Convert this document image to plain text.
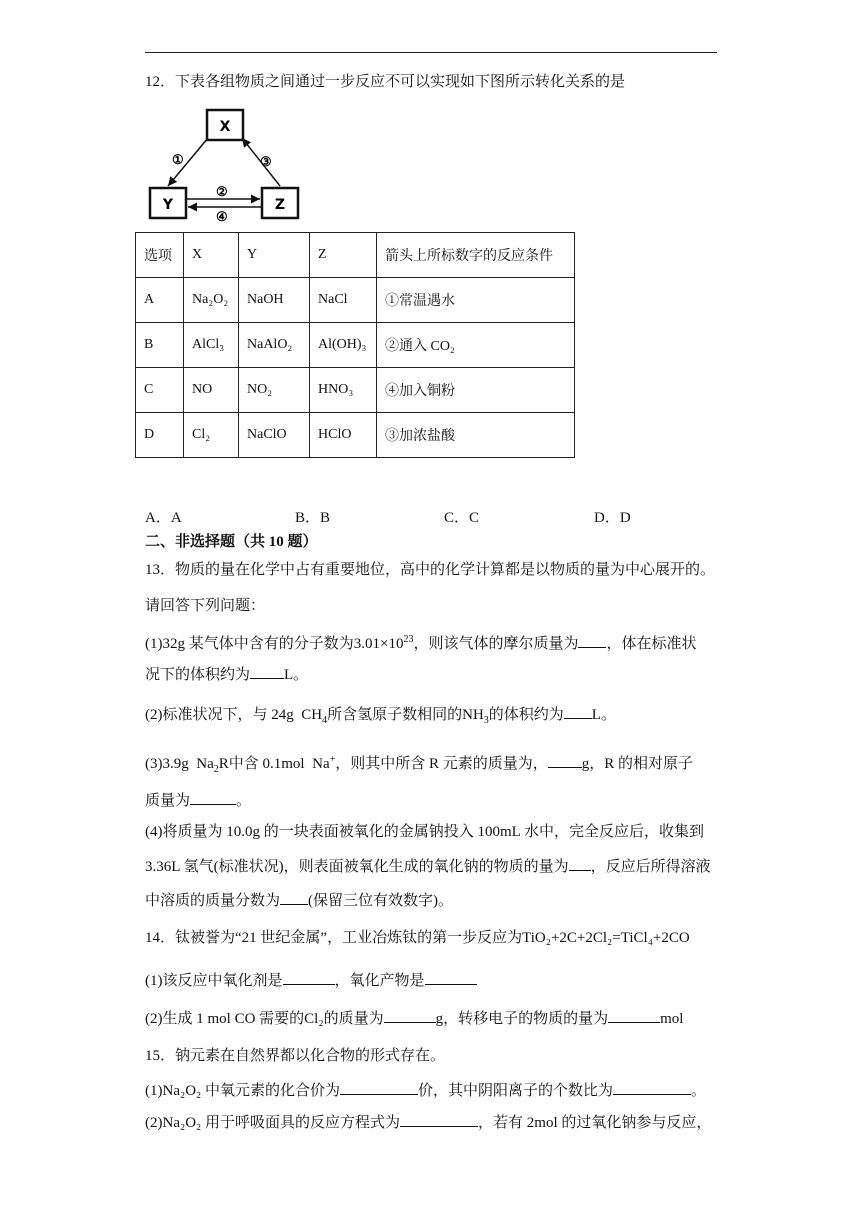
12．下表各组物质之间通过一步反应不可以实现如下图所示转化关系的是
X
Y	Z
①	③
②
④
选项	X	Y	Z	箭头上所标数字的反应条件
A	Na₂O₂	NaOH	NaCl	①常温遇水
B	AlCl₃	NaAlO₂	Al(OH)₃	②通入 CO₂
C	NO	NO₂	HNO₃	④加入铜粉
D	Cl₂	NaClO	HClO	③加浓盐酸
A．A	B．B	C．C	D．D
二、非选择题（共 10 题）
13．物质的量在化学中占有重要地位，高中的化学计算都是以物质的量为中心展开的。
请回答下列问题：
(1)32g 某气体中含有的分子数为$3.01\times 10^{23}$，则该气体的摩尔质量为 ，体在标准状
况下的体积约为 L。
(2)标准状况下，与 24g $CH_4$所含氢原子数相同的$NH_3$的体积约为 L。
(3)3.9g $Na_2R$中含 0.1mol Na+，则其中所含 R 元素的质量为， g，R 的相对原子
质量为	。
(4)将质量为 10.0g 的一块表面被氧化的金属钠投入 100mL 水中，完全反应后，收集到
3.36L 氢气(标准状况)，则表面被氧化生成的氧化钠的物质的量为 ，反应后所得溶液
中溶质的质量分数为 (保留三位有效数字)。
14．钛被誉为“21 世纪金属”，工业冶炼钛的第一步反应为TiO₂+2C+2Cl₂=TiCl₄+2CO
(1)该反应中氧化剂是	，氧化产物是
(2)生成 1 mol CO 需要的Cl₂的质量为	g，转移电子的物质的量为	mol
15．钠元素在自然界都以化合物的形式存在。
(1)Na₂O₂ 中氧元素的化合价为	价，其中阴阳离子的个数比为	。
(2)Na₂O₂ 用于呼吸面具的反应方程式为	，若有 2mol 的过氧化钠参与反应，
